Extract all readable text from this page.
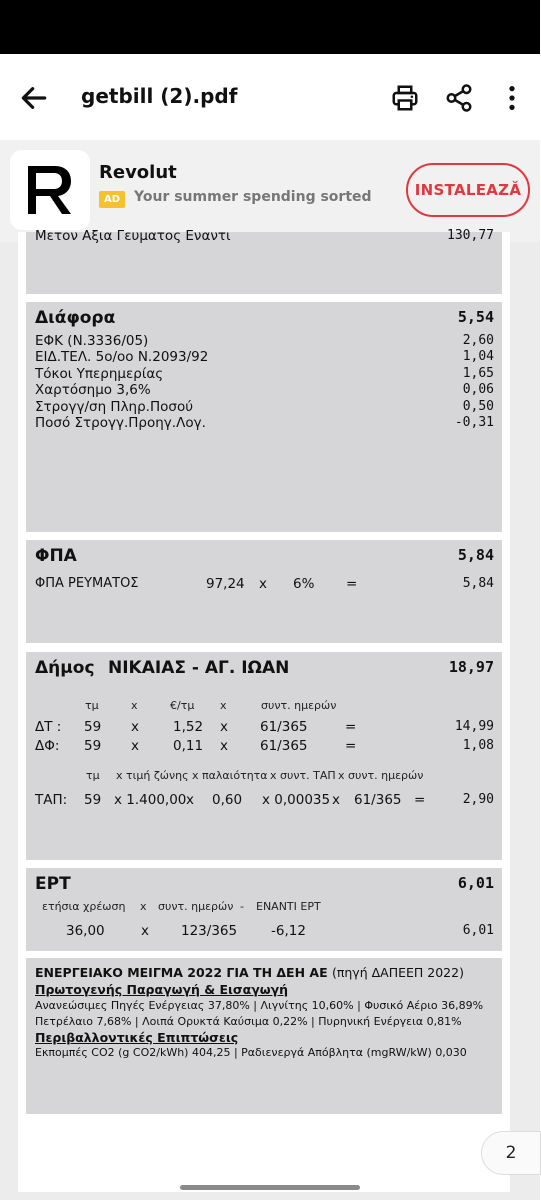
getbill (2).pdf
Revolut
AD Your summer spending sorted	INSTALEAZĂ
Μετον Αξια Γευματος Εναντι	130,77
Διάφορα	5,54
ΕΦΚ (Ν.3336/05)	2,60
ΕΙΔ.ΤΕΛ. 5ο/οο Ν.2093/92	1,04
Τόκοι Υπερημερίας	1,65
Χαρτόσημο 3,6%	0,06
Στρογγ/ση Πληρ.Ποσού	0,50
Ποσό Στρογγ.Προηγ.Λογ.	-0,31
ΦΠΑ	5,84
ΦΠΑ ΡΕΥΜΑΤΟΣ	97,24 x 6% =	5,84
Δήμος ΝΙΚΑΙΑΣ - ΑΓ. ΙΩΑΝ	18,97
τμ	x	€/τμ x	συντ. ημερών
ΔΤ : 59 x	1,52 x 61/365	=	14,99
ΔΦ: 59 x	0,11 x 61/365	=	1,08
τμ x τιμή ζώνης x παλαιότητα x συντ. ΤΑΠ x συντ. ημερών
ΤΑΠ: 59 x 1.400,00 x 0,60 x 0,00035 x 61/365 =	2,90
ΕΡΤ	6,01
ετήσια χρέωση x συντ. ημερών - ΕΝΑΝΤΙ ΕΡΤ
36,00	x 123/365	-6,12	6,01
ΕΝΕΡΓΕΙΑΚΟ ΜΕΙΓΜΑ 2022 ΓΙΑ ΤΗ ΔΕΗ ΑΕ (πηγή ΔΑΠΕΕΠ 2022)
Πρωτογενής Παραγωγή & Εισαγωγή
Ανανεώσιμες Πηγές Ενέργειας 37,80% | Λιγνίτης 10,60% | Φυσικό Αέριο 36,89%
Πετρέλαιο 7,68% | Λοιπά Ορυκτά Καύσιμα 0,22% | Πυρηνική Ενέργεια 0,81%
Περιβαλλοντικές Επιπτώσεις
Εκπομπές CO2 (g CO2/kWh) 404,25 | Ραδιενεργά Απόβλητα (mgRW/kW) 0,030
2
